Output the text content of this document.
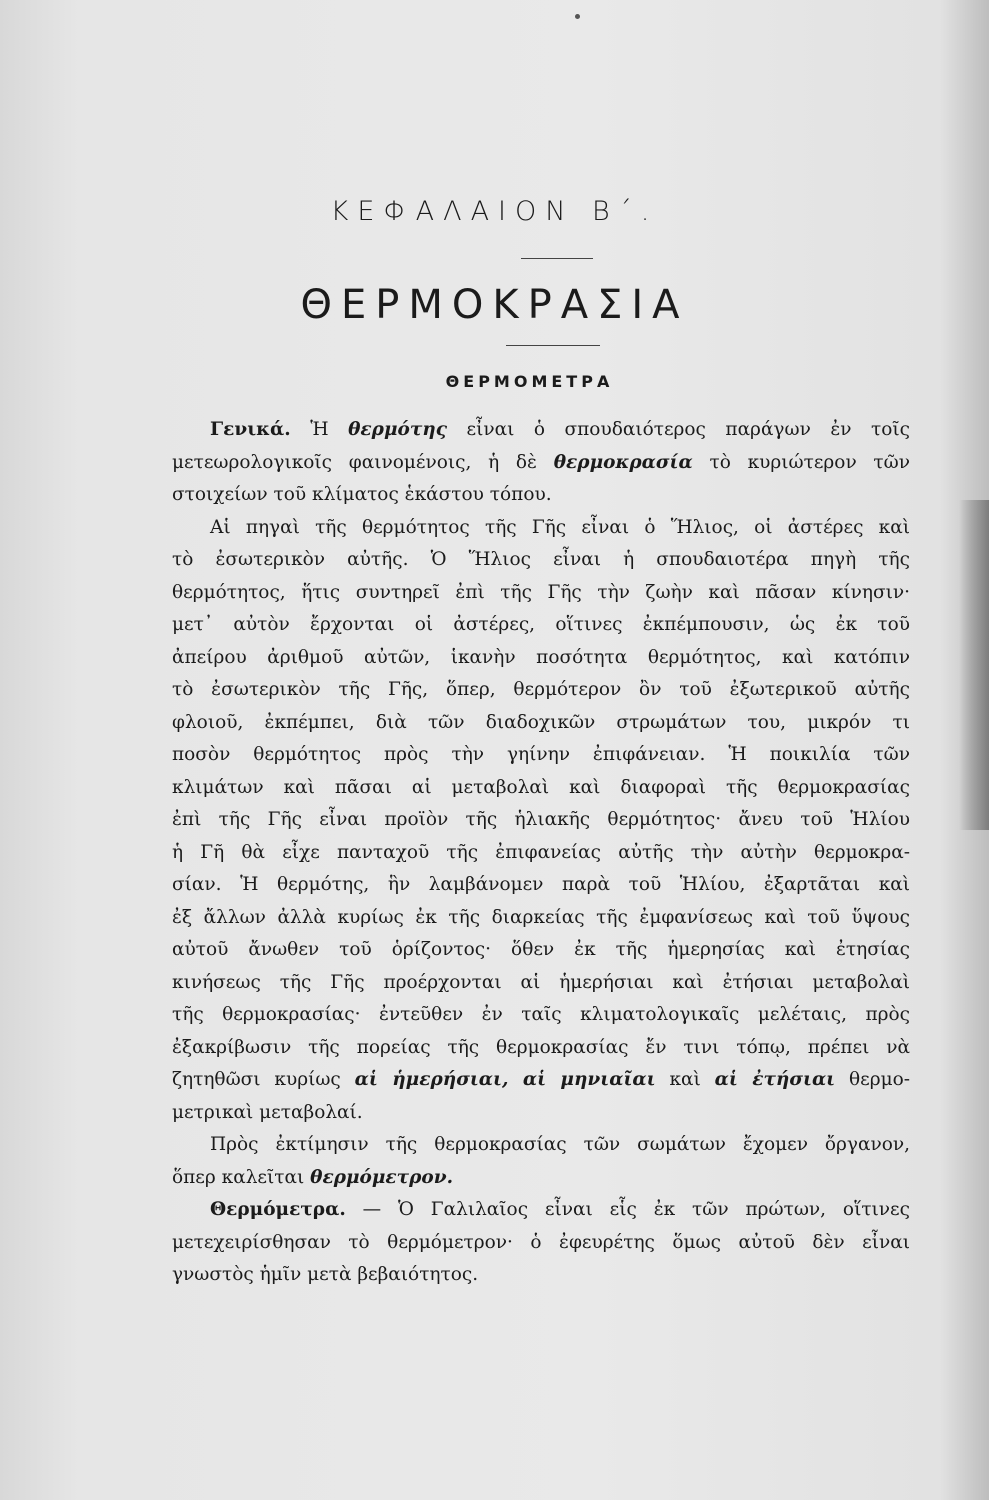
ΚΕΦΑΛΑΙΟΝ Β΄.
ΘΕΡΜΟΚΡΑΣΙΑ
ΘΕΡΜΟΜΕΤΡΑ
Γενικά. Ἡ θερμότης εἶναι ὁ σπουδαιότερος παράγων ἐν τοῖς
μετεωρολογικοῖς φαινομένοις, ἡ δὲ θερμοκρασία τὸ κυριώτερον τῶν
στοιχείων τοῦ κλίματος ἑκάστου τόπου.
Αἱ πηγαὶ τῆς θερμότητος τῆς Γῆς εἶναι ὁ Ἥλιος, οἱ ἀστέρες καὶ
τὸ ἐσωτερικὸν αὐτῆς. Ὁ Ἥλιος εἶναι ἡ σπουδαιοτέρα πηγὴ τῆς
θερμότητος, ἥτις συντηρεῖ ἐπὶ τῆς Γῆς τὴν ζωὴν καὶ πᾶσαν κίνησιν·
μετ᾽ αὐτὸν ἔρχονται οἱ ἀστέρες, οἵτινες ἐκπέμπουσιν, ὡς ἐκ τοῦ
ἀπείρου ἀριθμοῦ αὐτῶν, ἱκανὴν ποσότητα θερμότητος, καὶ κατόπιν
τὸ ἐσωτερικὸν τῆς Γῆς, ὅπερ, θερμότερον ὂν τοῦ ἐξωτερικοῦ αὐτῆς
φλοιοῦ, ἐκπέμπει, διὰ τῶν διαδοχικῶν στρωμάτων του, μικρόν τι
ποσὸν θερμότητος πρὸς τὴν γηίνην ἐπιφάνειαν. Ἡ ποικιλία τῶν
κλιμάτων καὶ πᾶσαι αἱ μεταβολαὶ καὶ διαφοραὶ τῆς θερμοκρασίας
ἐπὶ τῆς Γῆς εἶναι προϊὸν τῆς ἡλιακῆς θερμότητος· ἄνευ τοῦ Ἡλίου
ἡ Γῆ θὰ εἶχε πανταχοῦ τῆς ἐπιφανείας αὐτῆς τὴν αὐτὴν θερμοκρα-
σίαν. Ἡ θερμότης, ἣν λαμβάνομεν παρὰ τοῦ Ἡλίου, ἐξαρτᾶται καὶ
ἐξ ἄλλων ἀλλὰ κυρίως ἐκ τῆς διαρκείας τῆς ἐμφανίσεως καὶ τοῦ ὕψους
αὐτοῦ ἄνωθεν τοῦ ὁρίζοντος· ὅθεν ἐκ τῆς ἡμερησίας καὶ ἐτησίας
κινήσεως τῆς Γῆς προέρχονται αἱ ἡμερήσιαι καὶ ἐτήσιαι μεταβολαὶ
τῆς θερμοκρασίας· ἐντεῦθεν ἐν ταῖς κλιματολογικαῖς μελέταις, πρὸς
ἐξακρίβωσιν τῆς πορείας τῆς θερμοκρασίας ἔν τινι τόπῳ, πρέπει νὰ
ζητηθῶσι κυρίως αἱ ἡμερήσιαι, αἱ μηνιαῖαι καὶ αἱ ἐτήσιαι θερμο-
μετρικαὶ μεταβολαί.
Πρὸς ἐκτίμησιν τῆς θερμοκρασίας τῶν σωμάτων ἔχομεν ὄργανον,
ὅπερ καλεῖται θερμόμετρον.
Θερμόμετρα. — Ὁ Γαλιλαῖος εἶναι εἷς ἐκ τῶν πρώτων, οἵτινες
μετεχειρίσθησαν τὸ θερμόμετρον· ὁ ἐφευρέτης ὅμως αὐτοῦ δὲν εἶναι
γνωστὸς ἡμῖν μετὰ βεβαιότητος.
